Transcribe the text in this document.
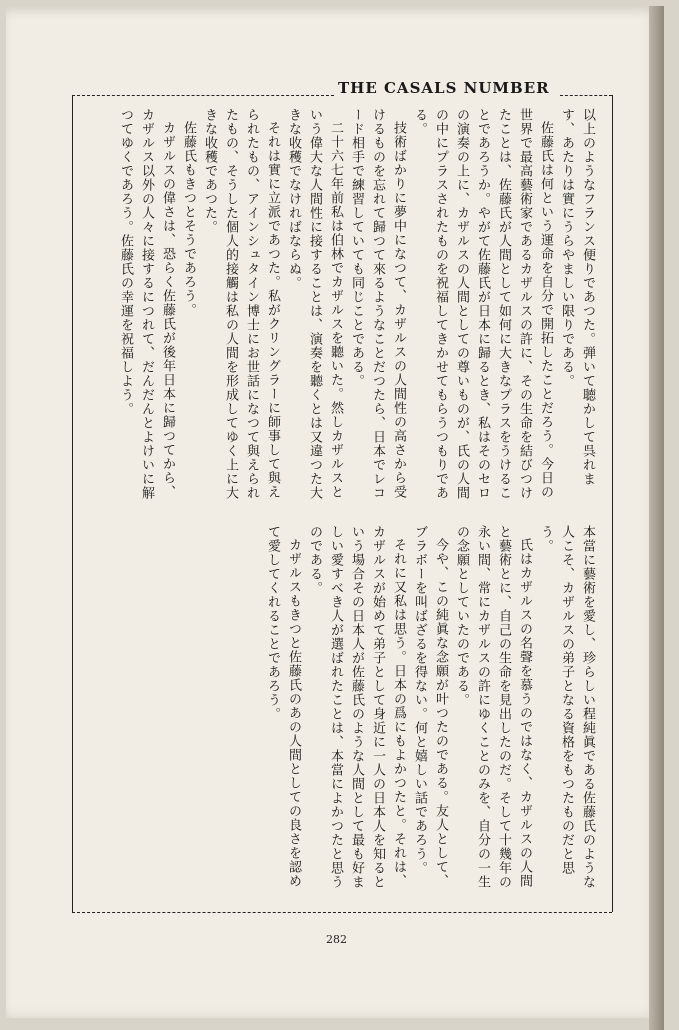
THE CASALS NUMBER

以上のようなフランス便りであつた。弾いて聴かして呉れます、あたりは實にうらやましい限りである。

佐藤氏は何という運命を自分で開拓したことだろう。今日の世界で最高藝術家であるカザルスの許に、その生命を結びつけたことは、佐藤氏が人間として如何に大きなプラスをうけることであろうか。やがて佐藤氏が日本に歸るとき、私はそのセロの演奏の上に、カザルスの人間としての尊いものが、氏の人間の中にプラスされたものを祝福してきかせてもらうつもりである。

技術ばかりに夢中になつて、カザルスの人間性の高さから受けるものを忘れて歸つて來るようなことだつたら、日本でレコード相手で練習していても同じことである。

二十六七年前私は伯林でカザルスを聽いた。然しカザルスという偉大な人間性に接することは、演奏を聽くとは又違つた大きな收穫でなければならぬ。

それは實に立派であつた。私がクリングラーに師事して與えられたもの、アインシュタイン博士にお世話になつて與えられたもの、そうした個人的接觸は私の人間を形成してゆく上に大きな收穫であつた。

佐藤氏もきつとそうであろう。

カザルスの偉さは、恐らく佐藤氏が後年日本に歸つてから、カザルス以外の人々に接するにつれて、だんだんとよけいに解つてゆくであろう。佐藤氏の幸運を祝福しよう。

本當に藝術を愛し、珍らしい程純眞である佐藤氏のような人こそ、カザルスの弟子となる資格をもつたものだと思う。

氏はカザルスの名聲を慕うのではなく、カザルスの人間と藝術とに、自己の生命を見出したのだ。そして十幾年の永い間、常にカザルスの許にゆくことのみを、自分の一生の念願としていたのである。

今や、この純眞な念願が叶つたのである。友人として、ブラボーを叫ばざるを得ない。何と嬉しい話であろう。

それに又私は思う。日本の爲にもよかつたと。それは、カザルスが始めて弟子として身近に一人の日本人を知るという場合その日本人が佐藤氏のような人間として最も好ましい愛すべき人が選ばれたことは、本當によかつたと思うのである。

カザルスもきつと佐藤氏のあの人間としての良さを認めて愛してくれることであろう。

282
